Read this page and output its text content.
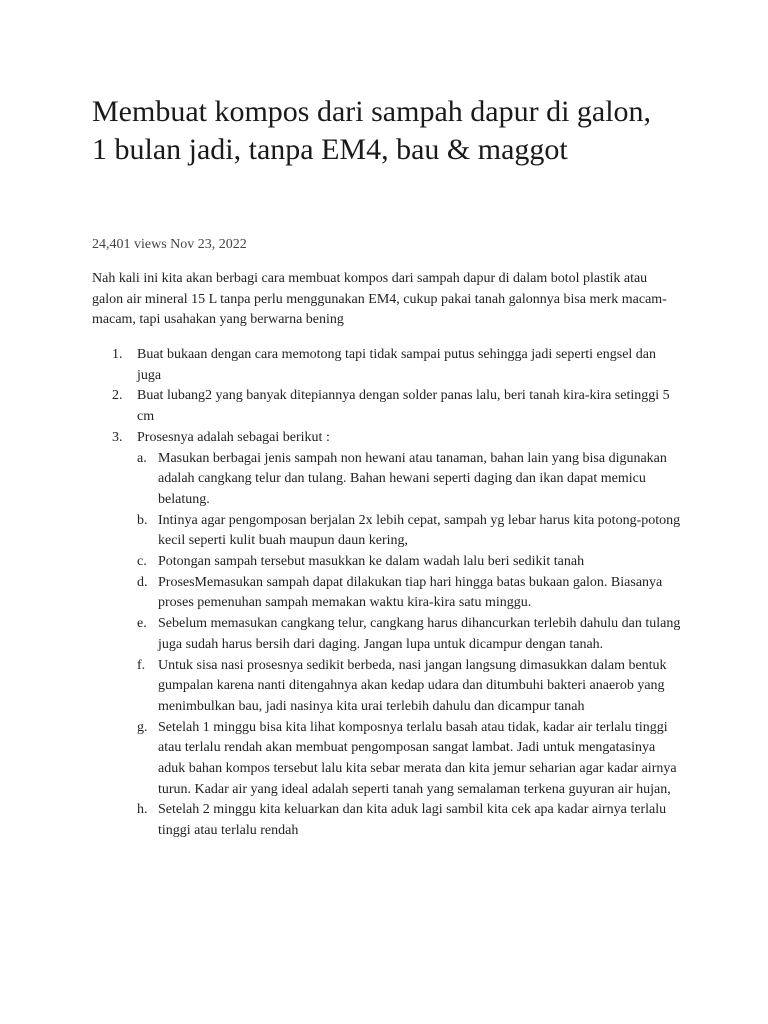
Membuat kompos dari sampah dapur di galon, 1 bulan jadi, tanpa EM4, bau & maggot

24,401 views Nov 23, 2022

Nah kali ini kita akan berbagi cara membuat kompos dari sampah dapur di dalam botol plastik atau galon air mineral 15 L tanpa perlu menggunakan EM4, cukup pakai tanah galonnya bisa merk macam-macam, tapi usahakan yang berwarna bening

1. Buat bukaan dengan cara memotong tapi tidak sampai putus sehingga jadi seperti engsel dan juga
2. Buat lubang2 yang banyak ditepiannya dengan solder panas lalu, beri tanah kira-kira setinggi 5 cm
3. Prosesnya adalah sebagai berikut :
a. Masukan berbagai jenis sampah non hewani atau tanaman, bahan lain yang bisa digunakan adalah cangkang telur dan tulang. Bahan hewani seperti daging dan ikan dapat memicu belatung.
b. Intinya agar pengomposan berjalan 2x lebih cepat, sampah yg lebar harus kita potong-potong kecil seperti kulit buah maupun daun kering,
c. Potongan sampah tersebut masukkan ke dalam wadah lalu beri sedikit tanah
d. ProsesMemasukan sampah dapat dilakukan tiap hari hingga batas bukaan galon. Biasanya proses pemenuhan sampah memakan waktu kira-kira satu minggu.
e. Sebelum memasukan cangkang telur, cangkang harus dihancurkan terlebih dahulu dan tulang juga sudah harus bersih dari daging. Jangan lupa untuk dicampur dengan tanah.
f. Untuk sisa nasi prosesnya sedikit berbeda, nasi jangan langsung dimasukkan dalam bentuk gumpalan karena nanti ditengahnya akan kedap udara dan ditumbuhi bakteri anaerob yang menimbulkan bau, jadi nasinya kita urai terlebih dahulu dan dicampur tanah
g. Setelah 1 minggu bisa kita lihat komposnya terlalu basah atau tidak, kadar air terlalu tinggi atau terlalu rendah akan membuat pengomposan sangat lambat. Jadi untuk mengatasinya aduk bahan kompos tersebut lalu kita sebar merata dan kita jemur seharian agar kadar airnya turun. Kadar air yang ideal adalah seperti tanah yang semalaman terkena guyuran air hujan,
h. Setelah 2 minggu kita keluarkan dan kita aduk lagi sambil kita cek apa kadar airnya terlalu tinggi atau terlalu rendah
